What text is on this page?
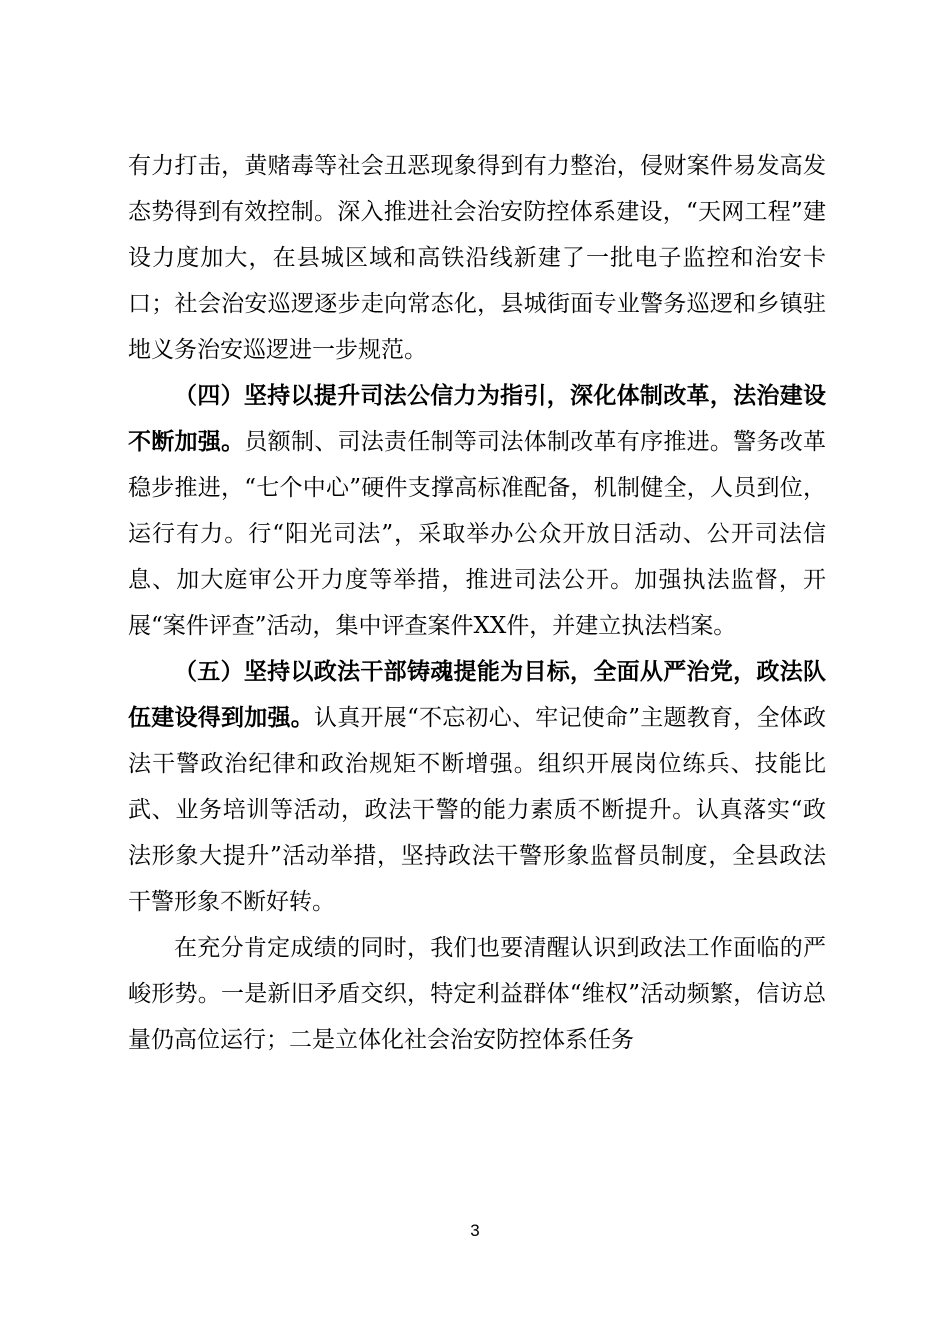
有力打击，黄赌毒等社会丑恶现象得到有力整治，侵财案件易发高发态势得到有效控制。深入推进社会治安防控体系建设，“天网工程”建设力度加大，在县城区域和高铁沿线新建了一批电子监控和治安卡口；社会治安巡逻逐步走向常态化，县城街面专业警务巡逻和乡镇驻地义务治安巡逻进一步规范。

（四）坚持以提升司法公信力为指引，深化体制改革，法治建设不断加强。员额制、司法责任制等司法体制改革有序推进。警务改革稳步推进，“七个中心”硬件支撑高标准配备，机制健全，人员到位，运行有力。行“阳光司法”，采取举办公众开放日活动、公开司法信息、加大庭审公开力度等举措，推进司法公开。加强执法监督，开展“案件评查”活动，集中评查案件XX件，并建立执法档案。

（五）坚持以政法干部铸魂提能为目标，全面从严治党，政法队伍建设得到加强。认真开展“不忘初心、牢记使命”主题教育，全体政法干警政治纪律和政治规矩不断增强。组织开展岗位练兵、技能比武、业务培训等活动，政法干警的能力素质不断提升。认真落实“政法形象大提升”活动举措，坚持政法干警形象监督员制度，全县政法干警形象不断好转。

在充分肯定成绩的同时，我们也要清醒认识到政法工作面临的严峻形势。一是新旧矛盾交织，特定利益群体“维权”活动频繁，信访总量仍高位运行；二是立体化社会治安防控体系任务

3
